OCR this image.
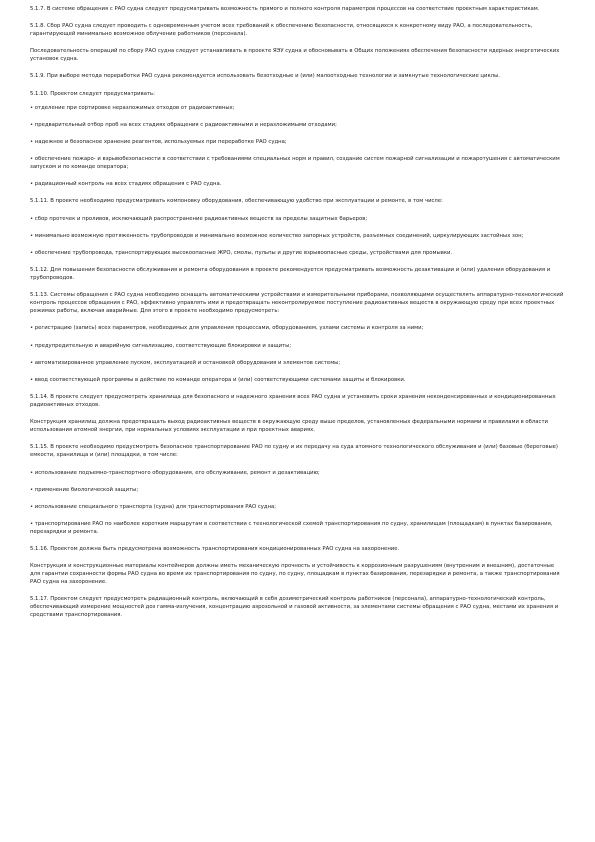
5.1.7. В системе обращения с РАО судна следует предусматривать возможность прямого и полного контроля параметров процессов на соответствие проектным характеристикам.

5.1.8. Сбор РАО судна следует проводить с одновременным учетом всех требований к обеспечению безопасности, относящихся к конкретному виду РАО, а последовательность, гарантирующей минимально возможное облучение работников (персонала).

Последовательность операций по сбору РАО судна следует устанавливать в проекте ЯЭУ судна и обосновывать в Общих положениях обеспечения безопасности ядерных энергетических установок судна.

5.1.9. При выборе метода переработки РАО судна рекомендуется использовать безотходные и (или) малоотходные технологии и замкнутые технологические циклы.

5.1.10. Проектом следует предусматривать:

• отделение при сортировке неразложимых отходов от радиоактивных;

• предварительный отбор проб на всех стадиях обращения с радиоактивными и неразложимыми отходами;

• надежное и безопасное хранение реагентов, используемых при переработке РАО судна;

• обеспечение пожаро- и взрывобезопасности в соответствии с требованиями специальных норм и правил, создание систем пожарной сигнализации и пожаротушения с автоматическим запуском и по команде оператора;

• радиационный контроль на всех стадиях обращения с РАО судна.

5.1.11. В проекте необходимо предусматривать компоновку оборудования, обеспечивающую удобство при эксплуатации и ремонте, в том числе:

• сбор протечек и проливов, исключающий распространение радиоактивных веществ за пределы защитных барьеров;

• минимально возможную протяженность трубопроводов и минимально возможное количество запорных устройств, разъемных соединений, циркулирующих застойных зон;

• обеспечение трубопровода, транспортирующих высокоопасные ЖРО, смолы, пульпы и другие взрывоопасные среды, устройствами для промывки.

5.1.12. Для повышения безопасности обслуживания и ремонта оборудования в проекте рекомендуется предусматривать возможность дезактивации и (или) удаления оборудования и трубопроводов.

5.1.13. Системы обращения с РАО судна необходимо оснащать автоматическими устройствами и измерительными приборами, позволяющими осуществлять аппаратурно-технологический контроль процессов обращения с РАО, эффективно управлять ими и предотвращать неконтролируемое поступление радиоактивных веществ в окружающую среду при всех проектных режимах работы, включая аварийные. Для этого в проекте необходимо предусмотреть:

• регистрацию (запись) всех параметров, необходимых для управления процессами, оборудованием, узлами системы и контроля за ними;

• предупредительную и аварийную сигнализацию, соответствующие блокировки и защиты;

• автоматизированное управление пуском, эксплуатацией и остановкой оборудования и элементов системы;

• ввод соответствующей программы в действие по команде оператора и (или) соответствующими системами защиты и блокировки.

5.1.14. В проекте следует предусмотреть хранилища для безопасного и надежного хранения всех РАО судна и установить сроки хранения неконденсированных и кондиционированных радиоактивных отходов.

Конструкция хранилищ должна предотвращать выход радиоактивных веществ в окружающую среду выше пределов, установленных федеральными нормами и правилами в области использования атомной энергии, при нормальных условиях эксплуатации и при проектных авариях.

5.1.15. В проекте необходимо предусмотреть безопасное транспортирование РАО по судну и их передачу на суда атомного технологического обслуживания и (или) базовые (береговые) емкости, хранилища и (или) площадки, в том числе:

• использование подъемно-транспортного оборудования, его обслуживание, ремонт и дезактивацию;

• применение биологической защиты;

• использование специального транспорта (судна) для транспортирования РАО судна;

• транспортирование РАО по наиболее коротким маршрутам в соответствии с технологической схемой транспортирования по судну, хранилищам (площадкам) в пунктах базирования, перезарядки и ремонта.

5.1.16. Проектом должна быть предусмотрена возможность транспортирования кондиционированных РАО судна на захоронение.

Конструкция и конструкционные материалы контейнеров должны иметь механическую прочность и устойчивость к коррозионным разрушениям (внутренним и внешним), достаточные для гарантии сохранности формы РАО судна во время их транспортирования по судну, по судну, площадкам в пунктах базирования, перезарядки и ремонта, а также транспортирования РАО судна на захоронение.

5.1.17. Проектом следует предусмотреть радиационный контроль, включающий в себя дозиметрический контроль работников (персонала), аппаратурно-технологический контроль, обеспечивающий измерение мощностей доз гамма-излучения, концентрацию аэрозольной и газовой активности, за элементами системы обращения с РАО судна, местами их хранения и средствами транспортирования.
